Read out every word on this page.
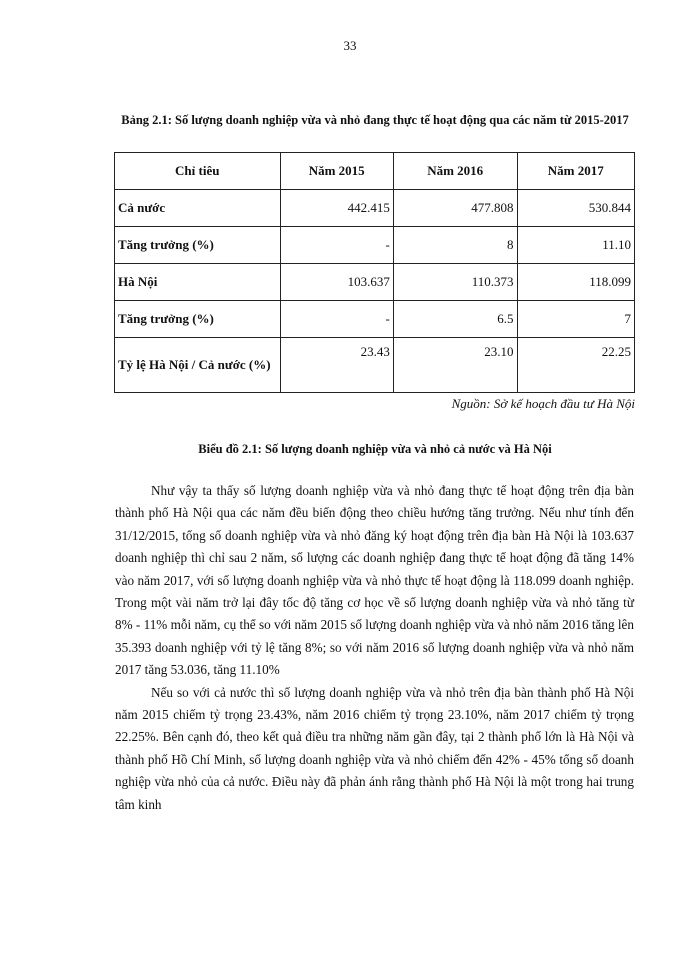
33
Bảng 2.1: Số lượng doanh nghiệp vừa và nhỏ đang thực tế hoạt động qua các năm từ 2015-2017
Chỉ tiêu	Năm 2015	Năm 2016	Năm 2017
Cả nước	442.415	477.808	530.844
Tăng trưởng (%)	-	8	11.10
Hà Nội	103.637	110.373	118.099
Tăng trưởng (%)	-	6.5	7
Tỷ lệ Hà Nội / Cả nước (%)	23.43	23.10	22.25
Nguồn: Sở kế hoạch đầu tư Hà Nội
Biểu đồ 2.1: Số lượng doanh nghiệp vừa và nhỏ cả nước và Hà Nội

Như vậy ta thấy số lượng doanh nghiệp vừa và nhỏ đang thực tế hoạt động trên địa bàn thành phố Hà Nội qua các năm đều biến động theo chiều hướng tăng trưởng. Nếu như tính đến 31/12/2015, tổng số doanh nghiệp vừa và nhỏ đăng ký hoạt động trên địa bàn Hà Nội là 103.637 doanh nghiệp thì chỉ sau 2 năm, số lượng các doanh nghiệp đang thực tế hoạt động đã tăng 14% vào năm 2017, với số lượng doanh nghiệp vừa và nhỏ thực tế hoạt động là 118.099 doanh nghiệp. Trong một vài năm trở lại đây tốc độ tăng cơ học về số lượng doanh nghiệp vừa và nhỏ tăng từ 8% - 11% mỗi năm, cụ thể so với năm 2015 số lượng doanh nghiệp vừa và nhỏ năm 2016 tăng lên 35.393 doanh nghiệp với tỷ lệ tăng 8%; so với năm 2016 số lượng doanh nghiệp vừa và nhỏ năm 2017 tăng 53.036, tăng 11.10%

Nếu so với cả nước thì số lượng doanh nghiệp vừa và nhỏ trên địa bàn thành phố Hà Nội năm 2015 chiếm tỷ trọng 23.43%, năm 2016 chiếm tỷ trọng 23.10%, năm 2017 chiếm tỷ trọng 22.25%. Bên cạnh đó, theo kết quả điều tra những năm gần đây, tại 2 thành phố lớn là Hà Nội và thành phố Hồ Chí Minh, số lượng doanh nghiệp vừa và nhỏ chiếm đến 42% - 45% tổng số doanh nghiệp vừa nhỏ của cả nước. Điều này đã phản ánh rằng thành phố Hà Nội là một trong hai trung tâm kinh
